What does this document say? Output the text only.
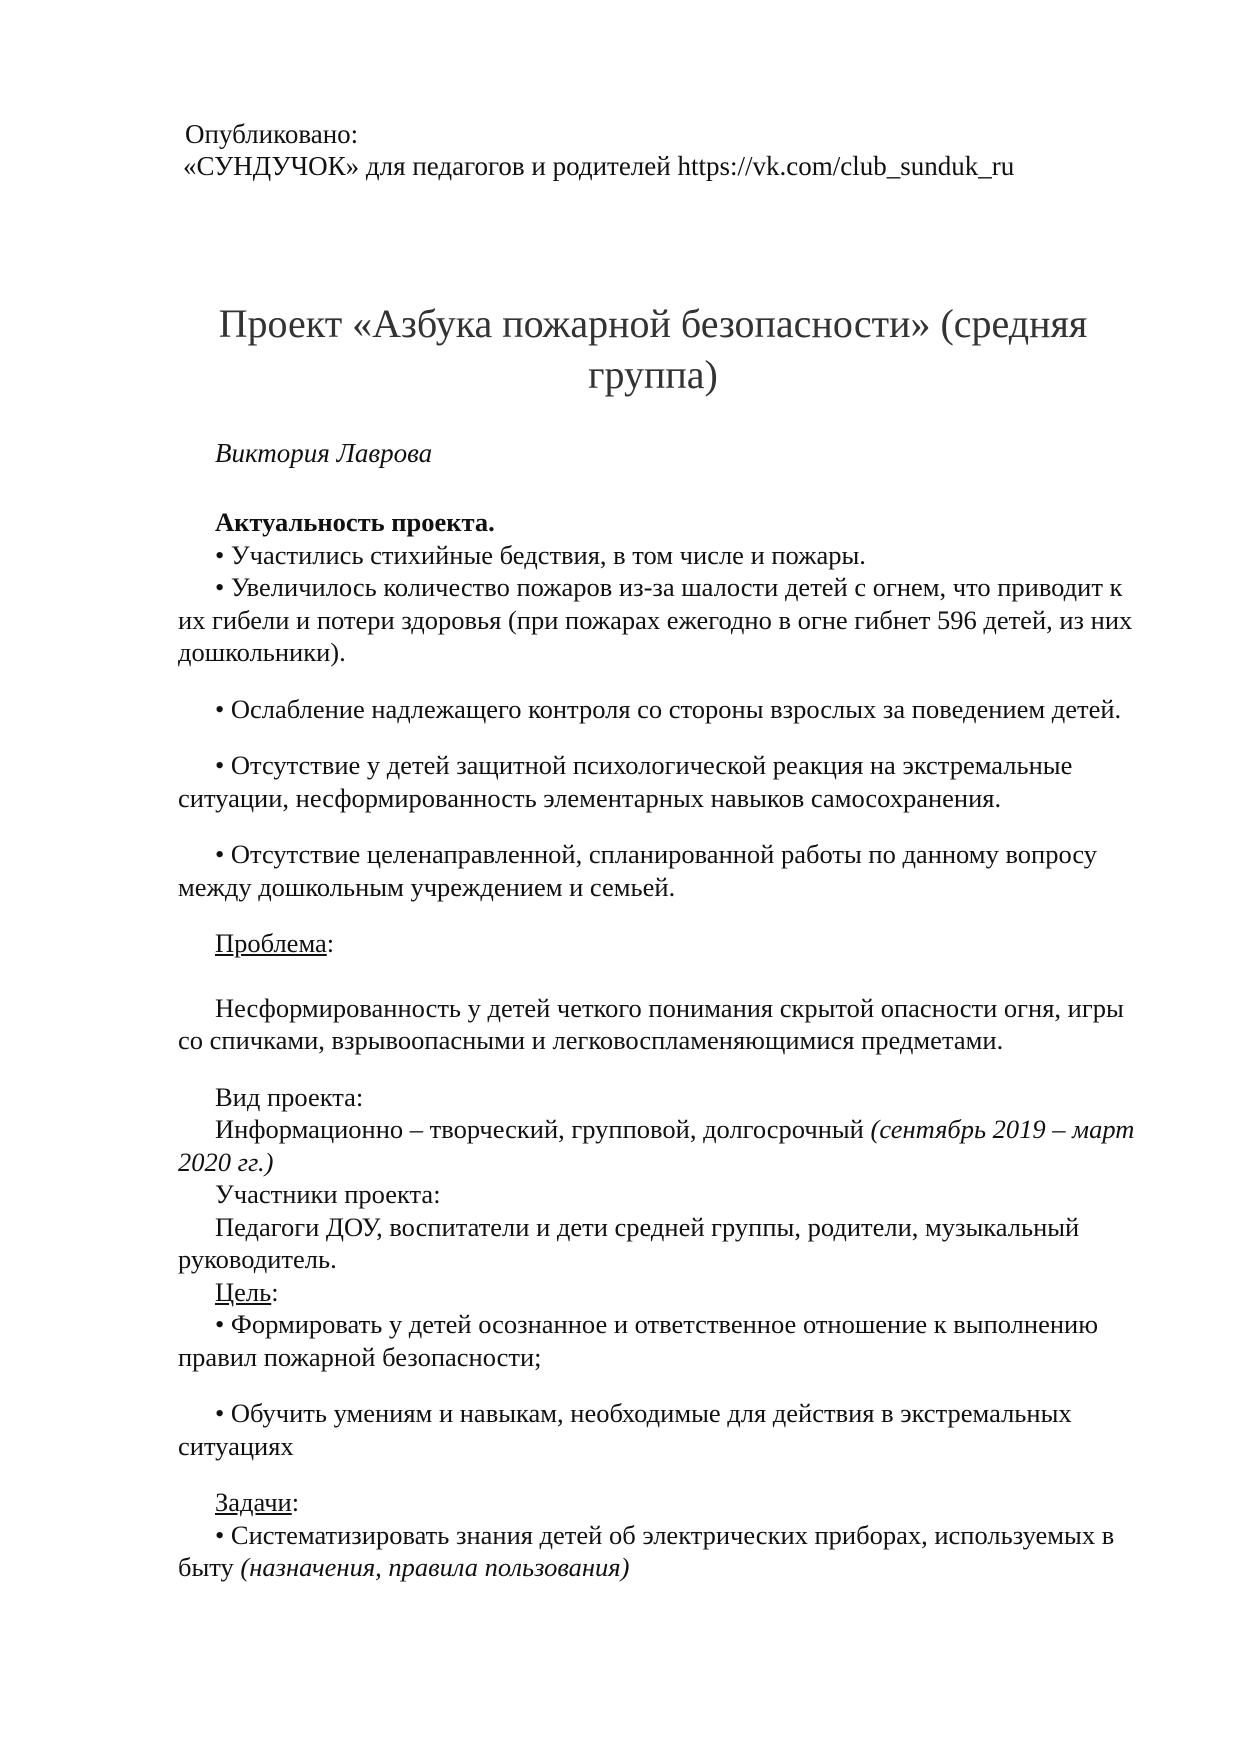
Опубликовано:
«СУНДУЧОК» для педагогов и родителей https://vk.com/club_sunduk_ru
Проект «Азбука пожарной безопасности» (средняя группа)
Виктория Лаврова

Актуальность проекта.

• Участились стихийные бедствия, в том числе и пожары.

• Увеличилось количество пожаров из-за шалости детей с огнем, что приводит к их гибели и потери здоровья (при пожарах ежегодно в огне гибнет 596 детей, из них дошкольники).

• Ослабление надлежащего контроля со стороны взрослых за поведением детей.

• Отсутствие у детей защитной психологической реакция на экстремальные ситуации, несформированность элементарных навыков самосохранения.

• Отсутствие целенаправленной, спланированной работы по данному вопросу между дошкольным учреждением и семьей.

Проблема:

Несформированность у детей четкого понимания скрытой опасности огня, игры со спичками, взрывоопасными и легковоспламеняющимися предметами.

Вид проекта:

Информационно – творческий, групповой, долгосрочный (сентябрь 2019 – март 2020 гг.)

Участники проекта:

Педагоги ДОУ, воспитатели и дети средней группы, родители, музыкальный руководитель.

Цель:

• Формировать у детей осознанное и ответственное отношение к выполнению правил пожарной безопасности;

• Обучить умениям и навыкам, необходимые для действия в экстремальных ситуациях

Задачи:

• Систематизировать знания детей об электрических приборах, используемых в быту (назначения, правила пользования)
